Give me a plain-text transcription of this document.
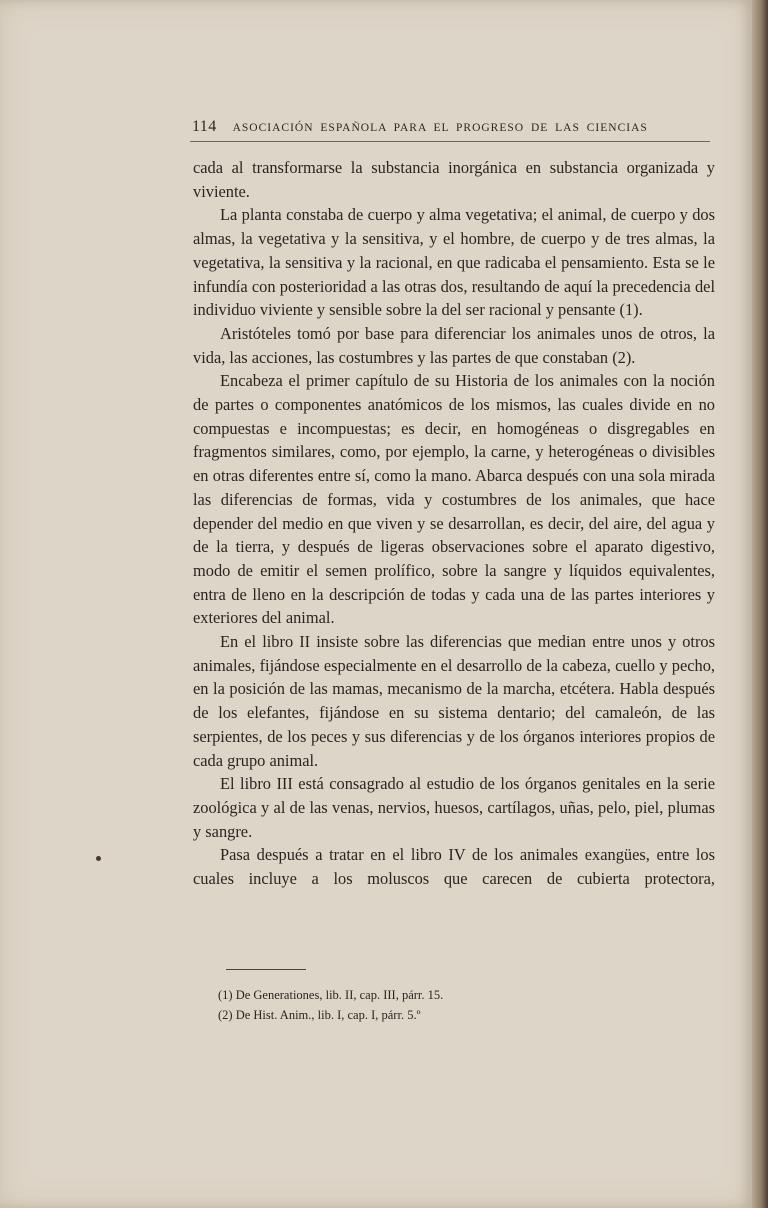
114 ASOCIACIÓN ESPAÑOLA PARA EL PROGRESO DE LAS CIENCIAS

cada al transformarse la substancia inorgánica en substancia organizada y viviente.

La planta constaba de cuerpo y alma vegetativa; el animal, de cuerpo y dos almas, la vegetativa y la sensitiva, y el hombre, de cuerpo y de tres almas, la vegetativa, la sensitiva y la racional, en que radicaba el pensamiento. Esta se le infundía con posterioridad a las otras dos, resultando de aquí la precedencia del individuo viviente y sensible sobre la del ser racional y pensante (1).

Aristóteles tomó por base para diferenciar los animales unos de otros, la vida, las acciones, las costumbres y las partes de que constaban (2).

Encabeza el primer capítulo de su Historia de los animales con la noción de partes o componentes anatómicos de los mismos, las cuales divide en no compuestas e incompuestas; es decir, en homogéneas o disgregables en fragmentos similares, como, por ejemplo, la carne, y heterogéneas o divisibles en otras diferentes entre sí, como la mano. Abarca después con una sola mirada las diferencias de formas, vida y costumbres de los animales, que hace depender del medio en que viven y se desarrollan, es decir, del aire, del agua y de la tierra, y después de ligeras observaciones sobre el aparato digestivo, modo de emitir el semen prolífico, sobre la sangre y líquidos equivalentes, entra de lleno en la descripción de todas y cada una de las partes interiores y exteriores del animal.

En el libro II insiste sobre las diferencias que median entre unos y otros animales, fijándose especialmente en el desarrollo de la cabeza, cuello y pecho, en la posición de las mamas, mecanismo de la marcha, etcétera. Habla después de los elefantes, fijándose en su sistema dentario; del camaleón, de las serpientes, de los peces y sus diferencias y de los órganos interiores propios de cada grupo animal.

El libro III está consagrado al estudio de los órganos genitales en la serie zoológica y al de las venas, nervios, huesos, cartílagos, uñas, pelo, piel, plumas y sangre.

Pasa después a tratar en el libro IV de los animales exangües, entre los cuales incluye a los moluscos que carecen de cubierta protectora,

(1) De Generationes, lib. II, cap. III, párr. 15.
(2) De Hist. Anim., lib. I, cap. I, párr. 5.º
